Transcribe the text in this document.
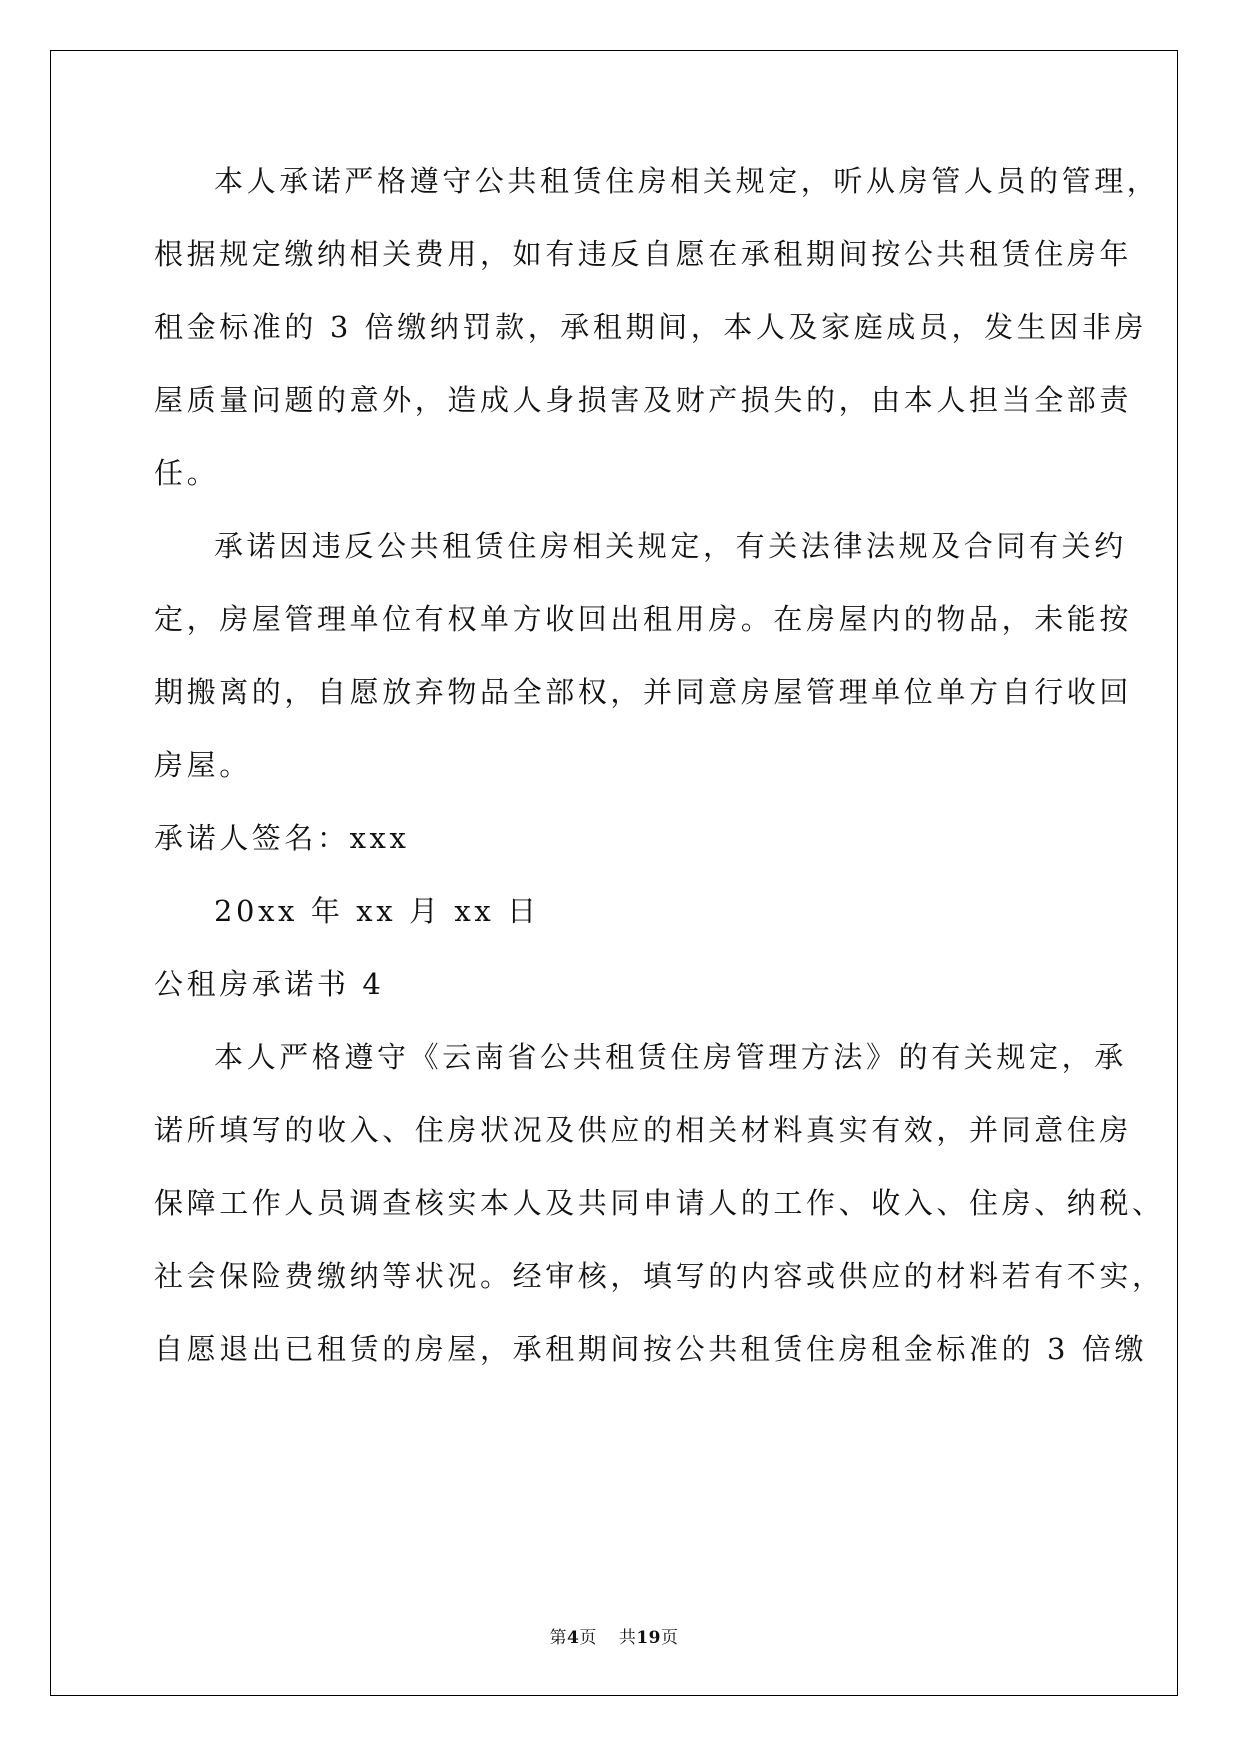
本人承诺严格遵守公共租赁住房相关规定，听从房管人员的管理，
根据规定缴纳相关费用，如有违反自愿在承租期间按公共租赁住房年
租金标准的 3 倍缴纳罚款，承租期间，本人及家庭成员，发生因非房
屋质量问题的意外，造成人身损害及财产损失的，由本人担当全部责
任。
承诺因违反公共租赁住房相关规定，有关法律法规及合同有关约
定，房屋管理单位有权单方收回出租用房。在房屋内的物品，未能按
期搬离的，自愿放弃物品全部权，并同意房屋管理单位单方自行收回
房屋。
承诺人签名：xxx
20xx 年 xx 月 xx 日
公租房承诺书 4
本人严格遵守《云南省公共租赁住房管理方法》的有关规定，承
诺所填写的收入、住房状况及供应的相关材料真实有效，并同意住房
保障工作人员调查核实本人及共同申请人的工作、收入、住房、纳税、
社会保险费缴纳等状况。经审核，填写的内容或供应的材料若有不实，
自愿退出已租赁的房屋，承租期间按公共租赁住房租金标准的 3 倍缴
第4页 共19页
